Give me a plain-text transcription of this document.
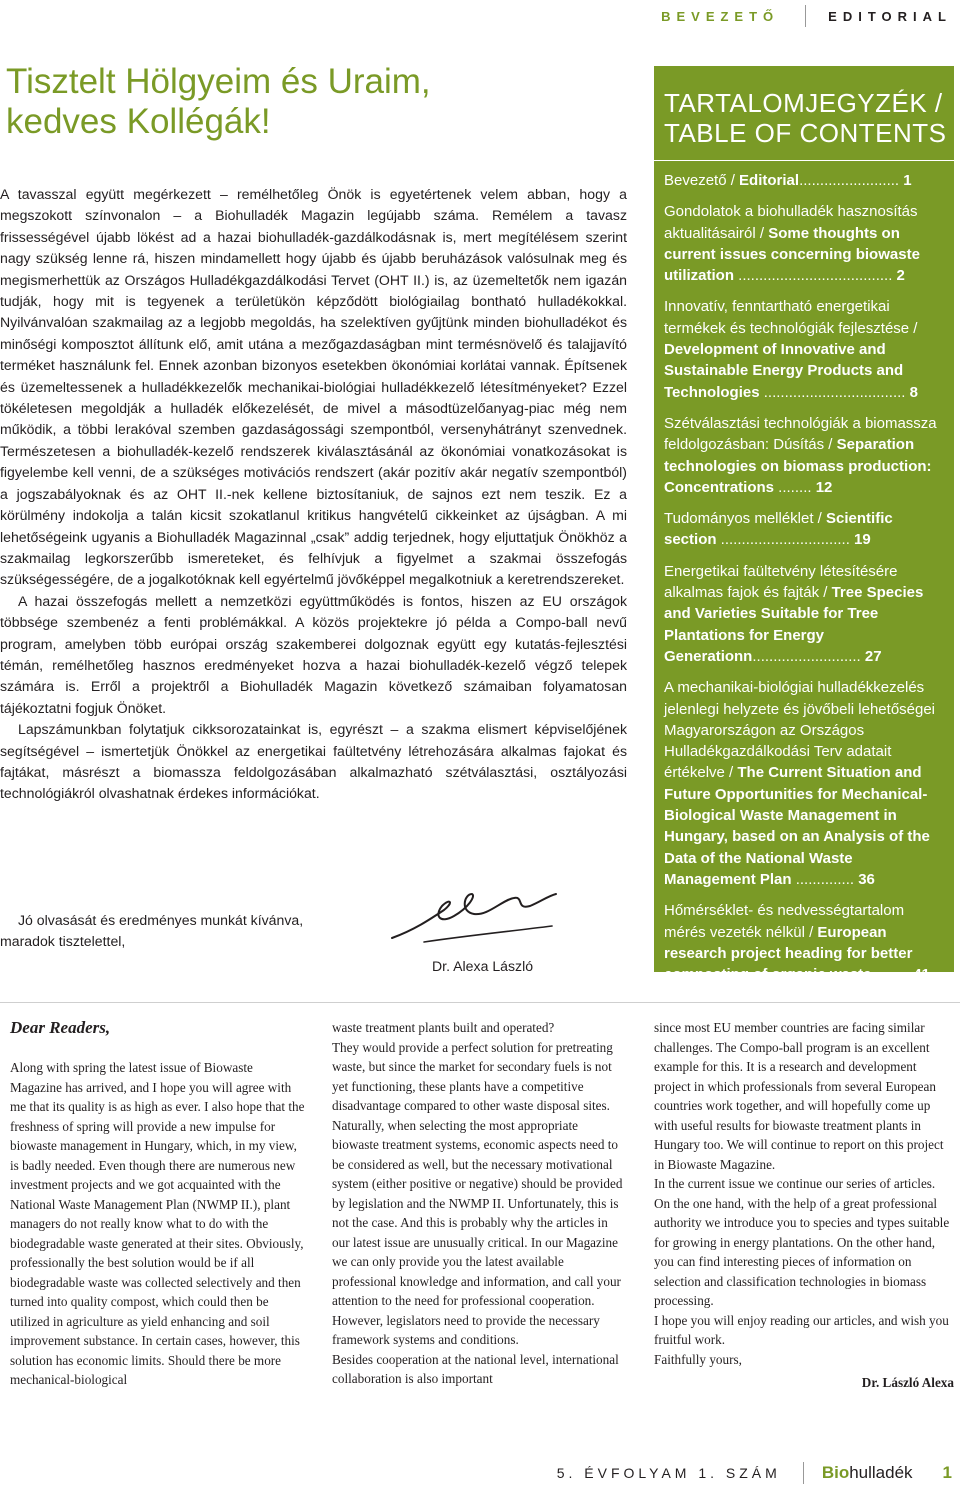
BEVEZETŐ	EDITORIAL
Tisztelt Hölgyeim és Uraim,
kedves Kollégák!

A tavasszal együtt megérkezett – remélhetőleg Önök is egyetértenek velem abban, hogy a megszokott színvonalon – a Biohulladék Magazin legújabb száma. Remélem a tavasz frissességével újabb lökést ad a hazai biohulladék-gazdálkodásnak is, mert megítélésem szerint nagy szükség lenne rá, hiszen mindamellett hogy újabb és újabb beruházások valósulnak meg és megismerhettük az Országos Hulladékgazdálkodási Tervet (OHT II.) is, az üzemeltetők nem igazán tudják, hogy mit is tegyenek a területükön képződött biológiailag bontható hulladékokkal. Nyilvánvalóan szakmailag az a legjobb megoldás, ha szelektíven gyűjtünk minden biohulladékot és minőségi komposztot állítunk elő, amit utána a mezőgazdaságban mint termésnövelő és talajjavító terméket használunk fel. Ennek azonban bizonyos esetekben ökonómiai korlátai vannak. Építsenek és üzemeltessenek a hulladékkezelők mechanikai-biológiai hulladékkezelő létesítményeket? Ezzel tökéletesen megoldják a hulladék előkezelését, de mivel a másodtüzelőanyag-piac még nem működik, a többi lerakóval szemben gazdaságossági szempontból, versenyhátrányt szenvednek. Természetesen a biohulladék-kezelő rendszerek kiválasztásánál az ökonómiai vonatkozásokat is figyelembe kell venni, de a szükséges motivációs rendszert (akár pozitív akár negatív szempontból) a jogszabályoknak és az OHT II.-nek kellene biztosítaniuk, de sajnos ezt nem teszik. Ez a körülmény indokolja a talán kicsit szokatlanul kritikus hangvételű cikkeinket az újságban. A mi lehetőségeink ugyanis a Biohulladék Magazinnal „csak” addig terjednek, hogy eljuttatjuk Önökhöz a szakmailag legkorszerűbb ismereteket, és felhívjuk a figyelmet a szakmai összefogás szükségességére, de a jogalkotóknak kell egyértelmű jövőképpel megalkotniuk a keretrendszereket.

A hazai összefogás mellett a nemzetközi együttműködés is fontos, hiszen az EU országok többsége szembenéz a fenti problémákkal. A közös projektekre jó példa a Compo-ball nevű program, amelyben több európai ország szakemberei dolgoznak együtt egy kutatás-fejlesztési témán, remélhetőleg hasznos eredményeket hozva a hazai biohulladék-kezelő végző telepek számára is. Erről a projektről a Biohulladék Magazin következő számaiban folyamatosan tájékoztatni fogjuk Önöket.

Lapszámunkban folytatjuk cikksorozatainkat is, egyrészt – a szakma elismert képviselőjének segítségével – ismertetjük Önökkel az energetikai faültetvény létrehozására alkalmas fajokat és fajtákat, másrészt a biomassza feldolgozásában alkalmazható szétválasztási, osztályozási technológiákról olvashatnak érdekes információkat.

Jó olvasását és eredményes munkát kívánva,

maradok tisztelettel,

Dr. Alexa László
TARTALOMJEGYZÉK /
TABLE OF CONTENTS
Bevezető / Editorial........................ 1
Gondolatok a biohulladék hasznosítás aktualitásairól / Some thoughts on current issues concerning biowaste utilization ..................................... 2
Innovatív, fenntartható energetikai termékek és technológiák fejlesztése / Development of Innovative and Sustainable Energy Products and Technologies .................................. 8
Szétválasztási technológiák a biomassza feldolgozásban: Dúsítás / Separation technologies on biomass production: Concentrations ........ 12
Tudományos melléklet / Scientific section ............................... 19
Energetikai faültetvény létesítésére alkalmas fajok és fajták / Tree Species and Varieties Suitable for Tree Plantations for Energy Generationn.......................... 27
A mechanikai-biológiai hulladékkezelés jelenlegi helyzete és jövőbeli lehetőségei Magyarországon az Országos Hulladékgazdálkodási Terv adatait értékelve / The Current Situation and Future Opportunities for Mechanical-Biological Waste Management in Hungary, based on an Analysis of the Data of the National Waste Management Plan .............. 36
Hőmérséklet- és nedvességtartalom mérés vezeték nélkül / European research project heading for better composting of organic waste ........ 41

Dear Readers,

Along with spring the latest issue of Biowaste Magazine has arrived, and I hope you will agree with me that its quality is as high as ever. I also hope that the freshness of spring will provide a new impulse for biowaste management in Hungary, which, in my view, is badly needed. Even though there are numerous new investment projects and we got acquainted with the National Waste Management Plan (NWMP II.), plant managers do not really know what to do with the biodegradable waste generated at their sites. Obviously, professionally the best solution would be if all biodegradable waste was collected selectively and then turned into quality compost, which could then be utilized in agriculture as yield enhancing and soil improvement substance. In certain cases, however, this solution has economic limits. Should there be more mechanical-biological

waste treatment plants built and operated?

They would provide a perfect solution for pretreating waste, but since the market for secondary fuels is not yet functioning, these plants have a competitive disadvantage compared to other waste disposal sites. Naturally, when selecting the most appropriate biowaste treatment systems, economic aspects need to be considered as well, but the necessary motivational system (either positive or negative) should be provided by legislation and the NWMP II. Unfortunately, this is not the case. And this is probably why the articles in our latest issue are unusually critical. In our Magazine we can only provide you the latest available professional knowledge and information, and call your attention to the need for professional cooperation. However, legislators need to provide the necessary framework systems and conditions.

Besides cooperation at the national level, international collaboration is also important

since most EU member countries are facing similar challenges. The Compo-ball program is an excellent example for this. It is a research and development project in which professionals from several European countries work together, and will hopefully come up with useful results for biowaste treatment plants in Hungary too. We will continue to report on this project in Biowaste Magazine.

In the current issue we continue our series of articles. On the one hand, with the help of a great professional authority we introduce you to species and types suitable for growing in energy plantations. On the other hand, you can find interesting pieces of information on selection and classification technologies in biomass processing.

I hope you will enjoy reading our articles, and wish you fruitful work.

Faithfully yours,

Dr. László Alexa

5. ÉVFOLYAM 1. SZÁM Bio hulladék 1
